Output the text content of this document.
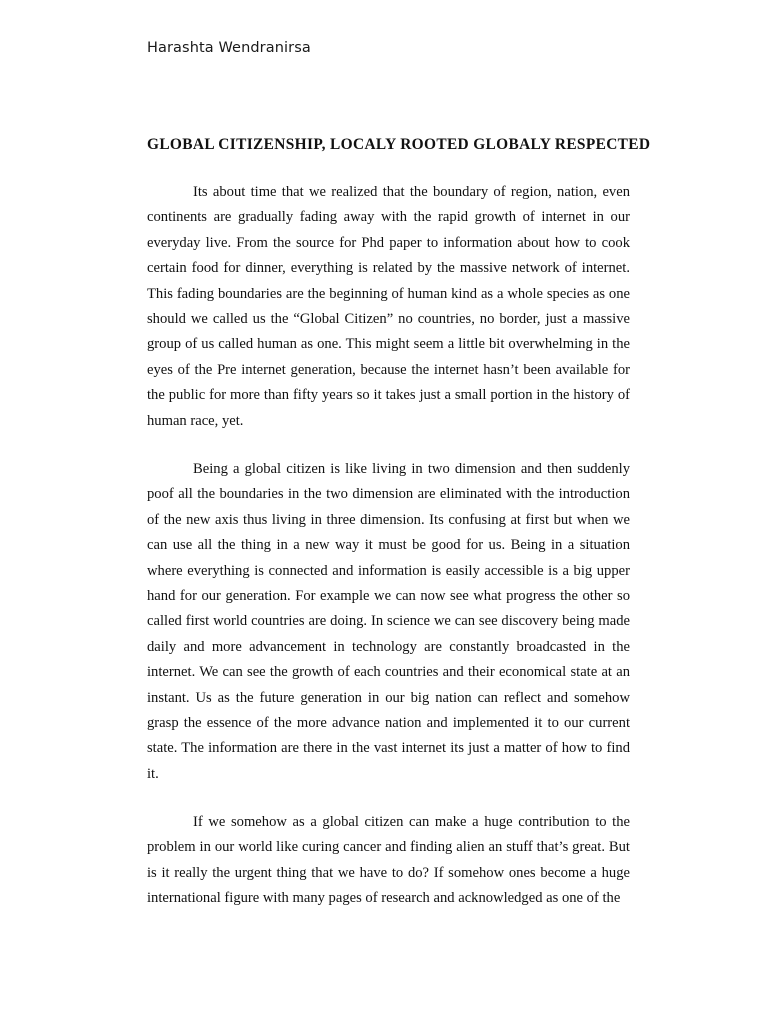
Harashta Wendranirsa
GLOBAL CITIZENSHIP, LOCALY ROOTED GLOBALY RESPECTED

Its about time that we realized that the boundary of region, nation, even continents are gradually fading away with the rapid growth of internet in our everyday live. From the source for Phd paper to information about how to cook certain food for dinner, everything is related by the massive network of internet. This fading boundaries are the beginning of human kind as a whole species as one should we called us the “Global Citizen” no countries, no border, just a massive group of us called human as one. This might seem a little bit overwhelming in the eyes of the Pre internet generation, because the internet hasn’t been available for the public for more than fifty years so it takes just a small portion in the history of human race, yet.

Being a global citizen is like living in two dimension and then suddenly poof all the boundaries in the two dimension are eliminated with the introduction of the new axis thus living in three dimension. Its confusing at first but when we can use all the thing in a new way it must be good for us. Being in a situation where everything is connected and information is easily accessible is a big upper hand for our generation. For example we can now see what progress the other so called first world countries are doing. In science we can see discovery being made daily and more advancement in technology are constantly broadcasted in the internet. We can see the growth of each countries and their economical state at an instant. Us as the future generation in our big nation can reflect and somehow grasp the essence of the more advance nation and implemented it to our current state. The information are there in the vast internet its just a matter of how to find it.

If we somehow as a global citizen can make a huge contribution to the problem in our world like curing cancer and finding alien an stuff that’s great. But is it really the urgent thing that we have to do? If somehow ones become a huge international figure with many pages of research and acknowledged as one of the
